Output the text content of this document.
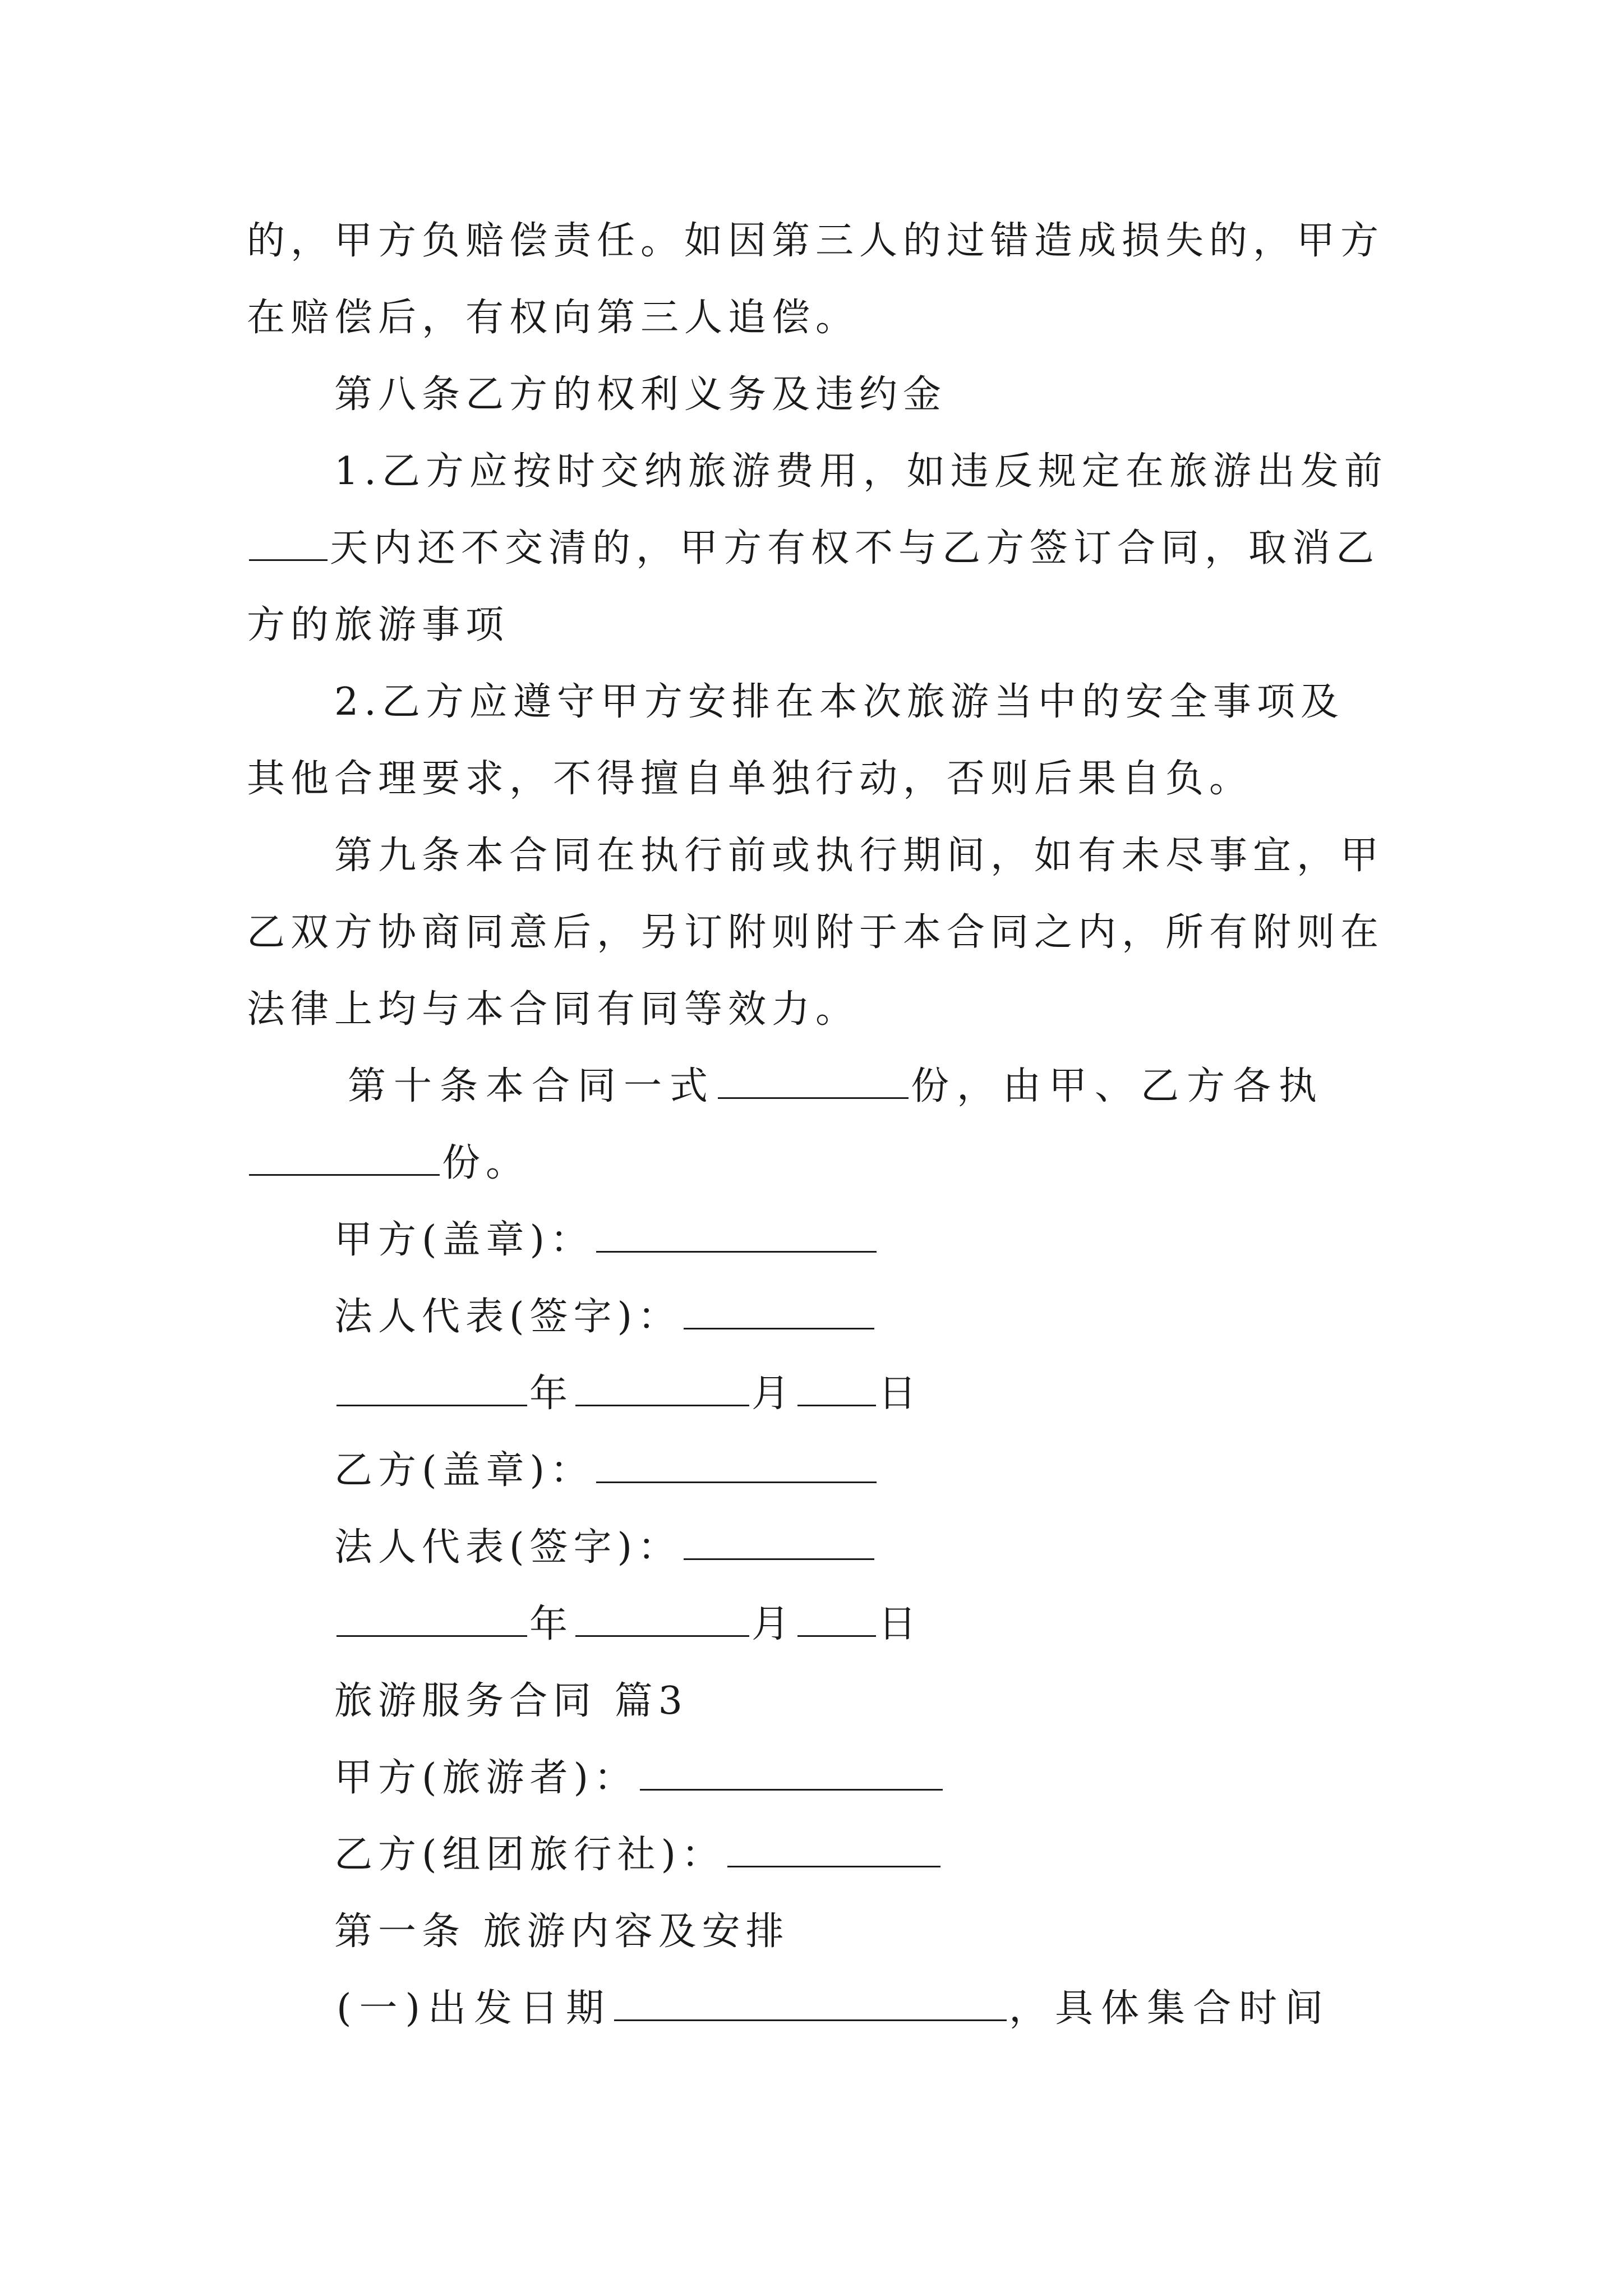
的，甲方负赔偿责任。如因第三人的过错造成损失的，甲方
在赔偿后，有权向第三人追偿。
第八条乙方的权利义务及违约金
1.乙方应按时交纳旅游费用，如违反规定在旅游出发前
天内还不交清的，甲方有权不与乙方签订合同，取消乙
方的旅游事项
2.乙方应遵守甲方安排在本次旅游当中的安全事项及
其他合理要求，不得擅自单独行动，否则后果自负。
第九条本合同在执行前或执行期间，如有未尽事宜，甲
乙双方协商同意后，另订附则附于本合同之内，所有附则在
法律上均与本合同有同等效力。
第十条本合同一式	份，由甲、乙方各执
份。
甲方(盖章)：
法人代表(签字)：
年	月 日
乙方(盖章)：
法人代表(签字)：
年	月 日
旅游服务合同 篇3
甲方(旅游者)：
乙方(组团旅行社)：
第一条 旅游内容及安排
(一)出发日期	，具体集合时间
